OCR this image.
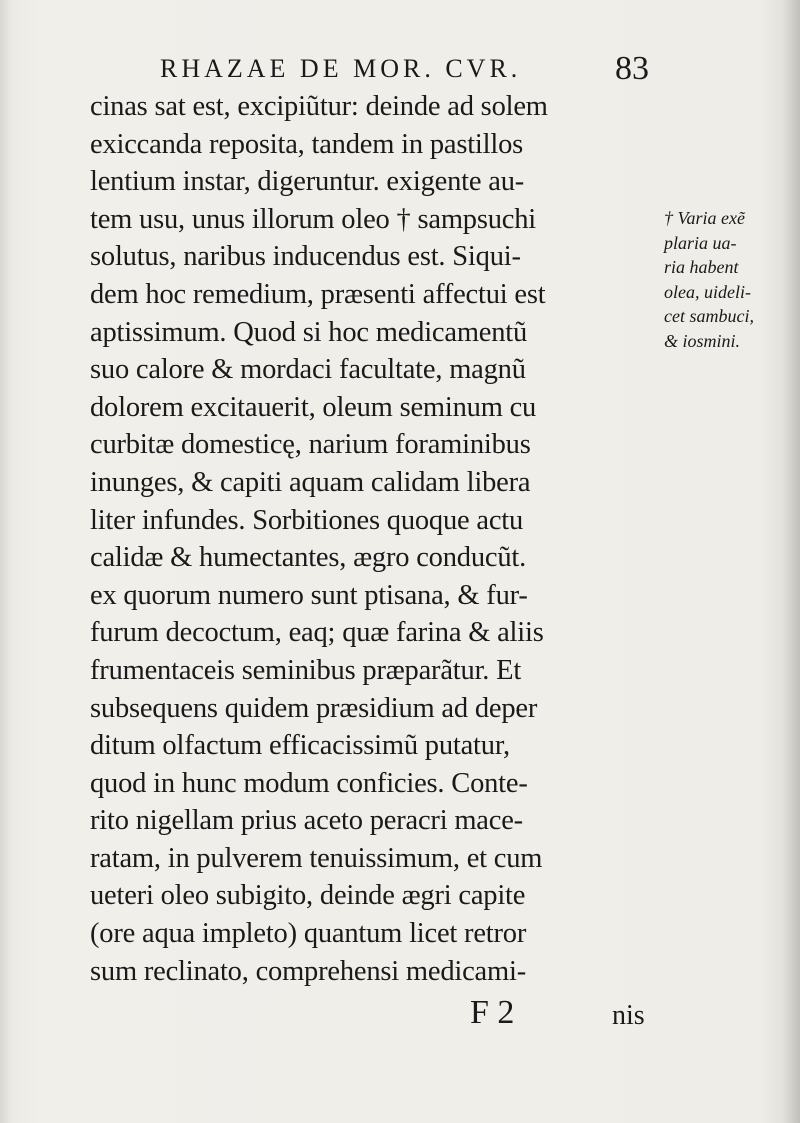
RHAZAE DE MOR. CVR.	83
cinas sat est, excipiũtur: deinde ad solem
exiccanda reposita, tandem in pastillos
lentium instar, digeruntur. exigente au-
tem usu, unus illorum oleo † sampsuchi
solutus, naribus inducendus est. Siqui-
dem hoc remedium, præsenti affectui est
aptissimum. Quod si hoc medicamentũ
suo calore & mordaci facultate, magnũ
dolorem excitauerit, oleum seminum cu
curbitæ domesticę, narium foraminibus
inunges, & capiti aquam calidam libera
liter infundes. Sorbitiones quoque actu
calidæ & humectantes, ægro conducũt.
ex quorum numero sunt ptisana, & fur-
furum decoctum, eaq; quæ farina & aliis
frumentaceis seminibus præparãtur. Et
subsequens quidem præsidium ad deper
ditum olfactum efficacissimũ putatur,
quod in hunc modum conficies. Conte-
rito nigellam prius aceto peracri mace-
ratam, in pulverem tenuissimum, et cum
ueteri oleo subigito, deinde ægri capite
(ore aqua impleto) quantum licet retror
sum reclinato, comprehensi medicami-
† Varia exẽ
plaria ua-
ria habent
olea, uideli-
cet sambuci,
& iosmini.
F 2	nis
